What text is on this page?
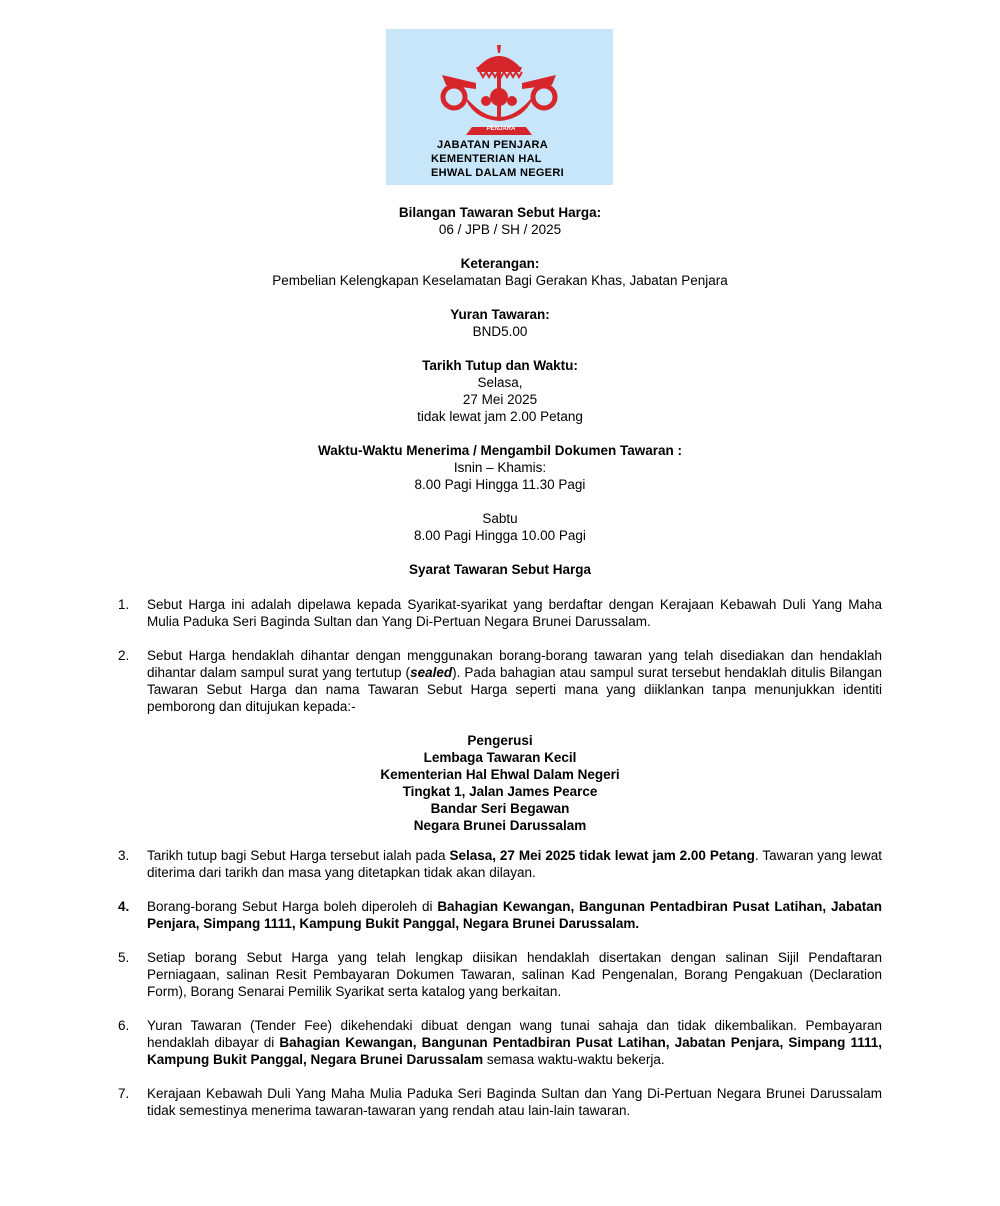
PENJARA
JABATAN PENJARA
KEMENTERIAN HAL
EHWAL DALAM NEGERI
Bilangan Tawaran Sebut Harga:
06 / JPB / SH / 2025
Keterangan:
Pembelian Kelengkapan Keselamatan Bagi Gerakan Khas, Jabatan Penjara
Yuran Tawaran:
BND5.00
Tarikh Tutup dan Waktu:
Selasa,
27 Mei 2025
tidak lewat jam 2.00 Petang
Waktu-Waktu Menerima / Mengambil Dokumen Tawaran :
Isnin – Khamis:
8.00 Pagi Hingga 11.30 Pagi
Sabtu
8.00 Pagi Hingga 10.00 Pagi
Syarat Tawaran Sebut Harga
1.	Sebut Harga ini adalah dipelawa kepada Syarikat-syarikat yang berdaftar dengan Kerajaan Kebawah Duli Yang Maha Mulia Paduka Seri Baginda Sultan dan Yang Di-Pertuan Negara Brunei Darussalam.
2.	Sebut Harga hendaklah dihantar dengan menggunakan borang-borang tawaran yang telah disediakan dan hendaklah dihantar dalam sampul surat yang tertutup (sealed). Pada bahagian atau sampul surat tersebut hendaklah ditulis Bilangan Tawaran Sebut Harga dan nama Tawaran Sebut Harga seperti mana yang diiklankan tanpa menunjukkan identiti pemborong dan ditujukan kepada:-
Pengerusi
Lembaga Tawaran Kecil
Kementerian Hal Ehwal Dalam Negeri
Tingkat 1, Jalan James Pearce
Bandar Seri Begawan
Negara Brunei Darussalam
3.	Tarikh tutup bagi Sebut Harga tersebut ialah pada Selasa, 27 Mei 2025 tidak lewat jam 2.00 Petang. Tawaran yang lewat diterima dari tarikh dan masa yang ditetapkan tidak akan dilayan.
4.	Borang-borang Sebut Harga boleh diperoleh di Bahagian Kewangan, Bangunan Pentadbiran Pusat Latihan, Jabatan Penjara, Simpang 1111, Kampung Bukit Panggal, Negara Brunei Darussalam.
5.	Setiap borang Sebut Harga yang telah lengkap diisikan hendaklah disertakan dengan salinan Sijil Pendaftaran Perniagaan, salinan Resit Pembayaran Dokumen Tawaran, salinan Kad Pengenalan, Borang Pengakuan (Declaration Form), Borang Senarai Pemilik Syarikat serta katalog yang berkaitan.
6.	Yuran Tawaran (Tender Fee) dikehendaki dibuat dengan wang tunai sahaja dan tidak dikembalikan. Pembayaran hendaklah dibayar di Bahagian Kewangan, Bangunan Pentadbiran Pusat Latihan, Jabatan Penjara, Simpang 1111, Kampung Bukit Panggal, Negara Brunei Darussalam semasa waktu-waktu bekerja.
7.	Kerajaan Kebawah Duli Yang Maha Mulia Paduka Seri Baginda Sultan dan Yang Di-Pertuan Negara Brunei Darussalam tidak semestinya menerima tawaran-tawaran yang rendah atau lain-lain tawaran.
